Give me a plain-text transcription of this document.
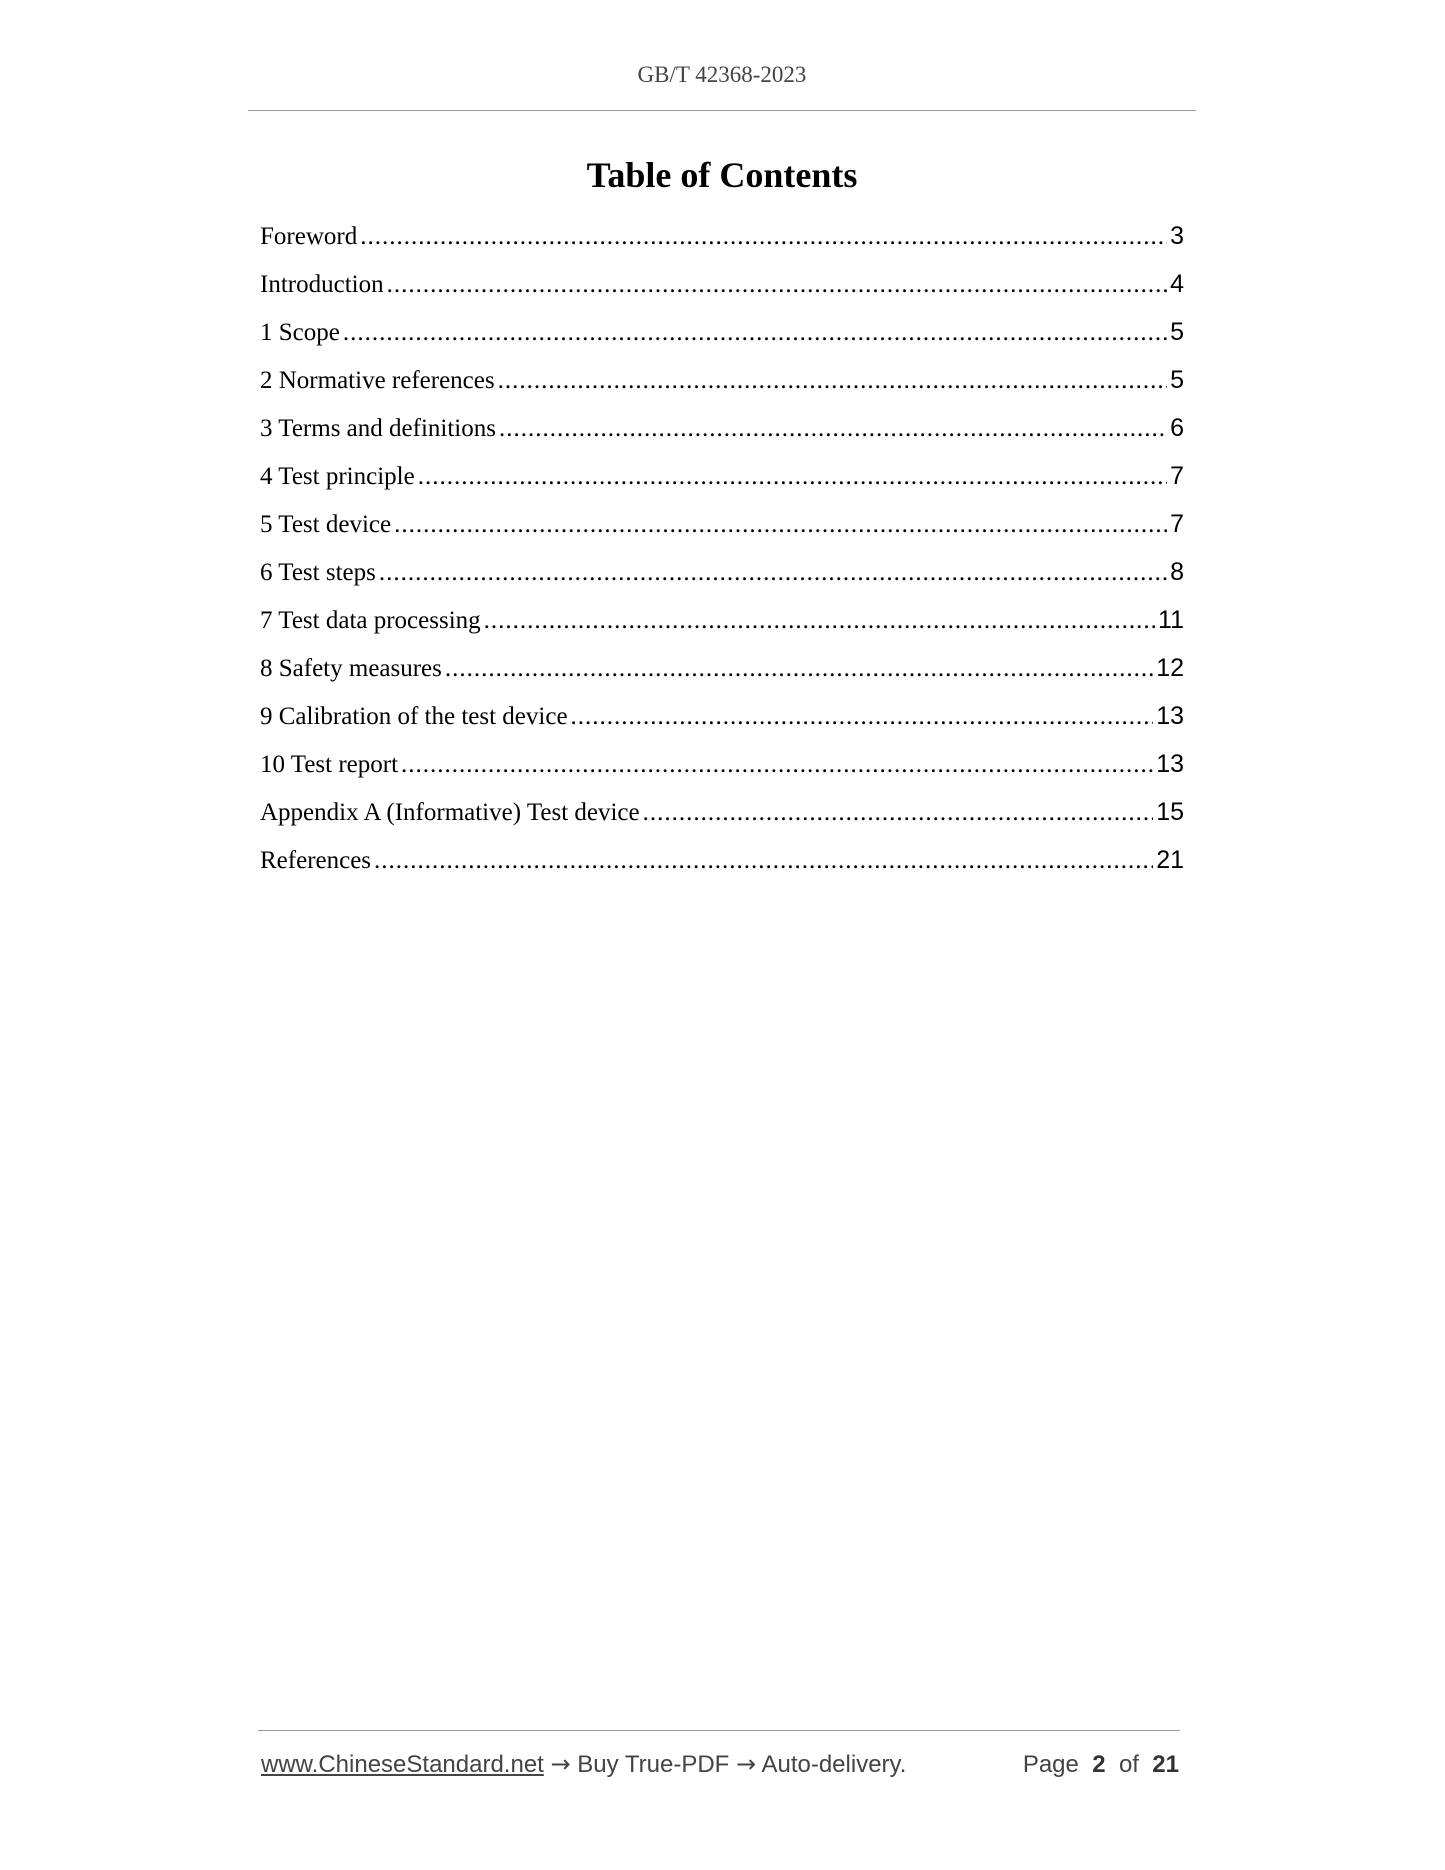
GB/T 42368-2023
Table of Contents
Foreword .....	3
Introduction .....	4
1 Scope .....	5
2 Normative references .....	5
3 Terms and definitions .....	6
4 Test principle .....	7
5 Test device .....	7
6 Test steps .....	8
7 Test data processing .....	11
8 Safety measures .....	12
9 Calibration of the test device .....	13
10 Test report .....	13
Appendix A (Informative) Test device .....	15
References .....	21
www.ChineseStandard.net → Buy True-PDF → Auto-delivery.	Page 2 of 21
